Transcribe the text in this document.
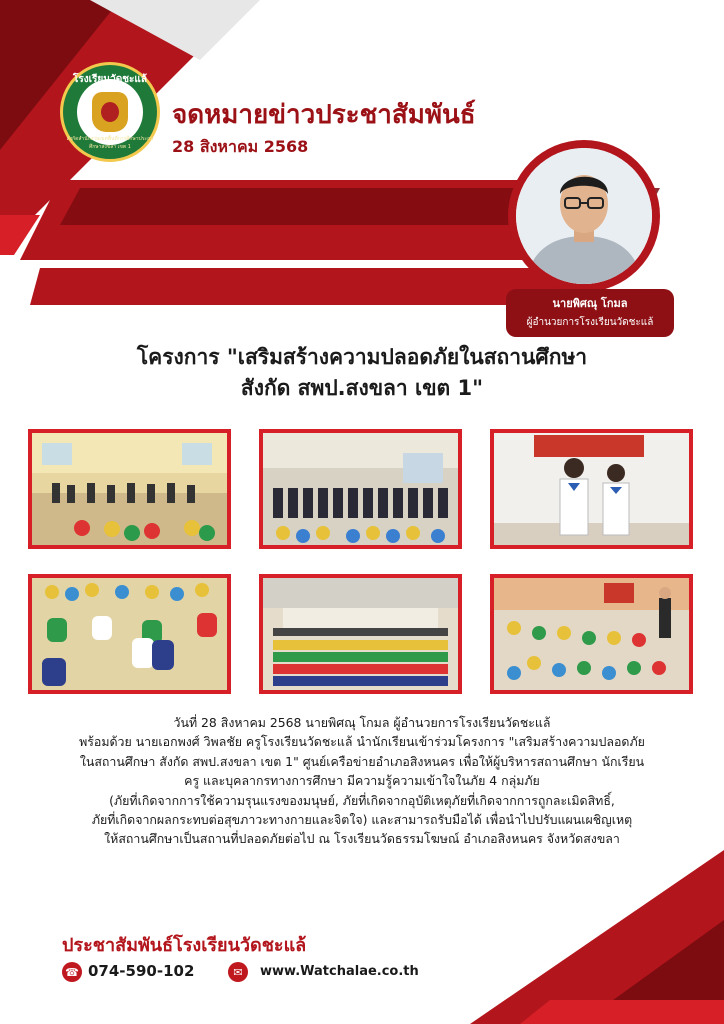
โรงเรียนวัดชะแล้
สังกัดสำนักงานเขตพื้นที่การศึกษาประถมศึกษาสงขลา เขต 1
จดหมายข่าวประชาสัมพันธ์
28 สิงหาคม 2568
นายพิศณุ โกมล
ผู้อำนวยการโรงเรียนวัดชะแล้
โครงการ "เสริมสร้างความปลอดภัยในสถานศึกษา
สังกัด สพป.สงขลา เขต 1"
วันที่ 28 สิงหาคม 2568 นายพิศณุ โกมล ผู้อำนวยการโรงเรียนวัดชะแล้
พร้อมด้วย นายเอกพงศ์ วิพลชัย ครูโรงเรียนวัดชะแล้ นำนักเรียนเข้าร่วมโครงการ "เสริมสร้างความปลอดภัย
ในสถานศึกษา สังกัด สพป.สงขลา เขต 1" ศูนย์เครือข่ายอำเภอสิงหนคร เพื่อให้ผู้บริหารสถานศึกษา นักเรียน
ครู และบุคลากรทางการศึกษา มีความรู้ความเข้าใจในภัย 4 กลุ่มภัย
(ภัยที่เกิดจากการใช้ความรุนแรงของมนุษย์, ภัยที่เกิดจากอุบัติเหตุภัยที่เกิดจากการถูกละเมิดสิทธิ์,
ภัยที่เกิดจากผลกระทบต่อสุขภาวะทางกายและจิตใจ) และสามารถรับมือได้ เพื่อนำไปปรับแผนเผชิญเหตุ
ให้สถานศึกษาเป็นสถานที่ปลอดภัยต่อไป ณ โรงเรียนวัดธรรมโฆษณ์ อำเภอสิงหนคร จังหวัดสงขลา
ประชาสัมพันธ์โรงเรียนวัดชะแล้
☎ 074-590-102	✉	www.Watchalae.co.th
